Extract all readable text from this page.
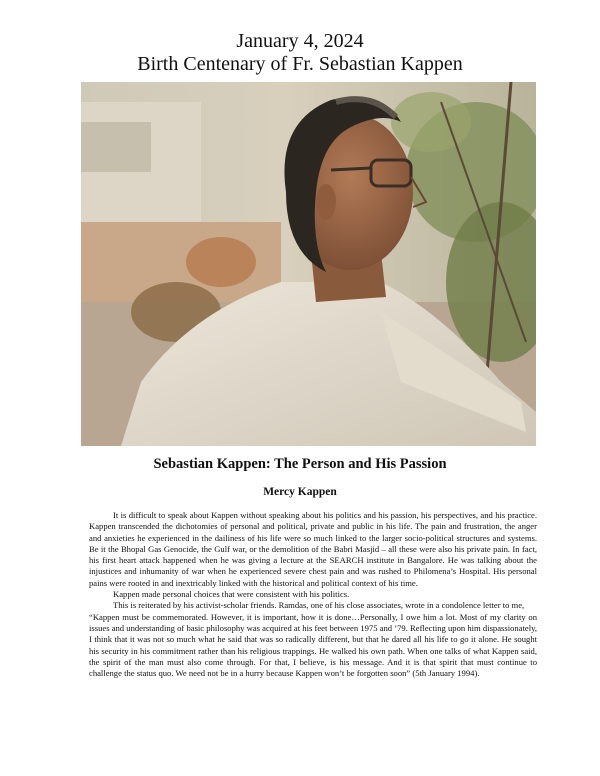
January 4, 2024
Birth Centenary of Fr. Sebastian Kappen
Sebastian Kappen: The Person and His Passion
Mercy Kappen

It is difficult to speak about Kappen without speaking about his politics and his passion, his perspectives, and his practice. Kappen transcended the dichotomies of personal and political, private and public in his life. The pain and frustration, the anger and anxieties he experienced in the dailiness of his life were so much linked to the larger socio-political structures and systems. Be it the Bhopal Gas Genocide, the Gulf war, or the demolition of the Babri Masjid – all these were also his private pain. In fact, his first heart attack happened when he was giving a lecture at the SEARCH institute in Bangalore. He was talking about the injustices and inhumanity of war when he experienced severe chest pain and was rushed to Philomena’s Hospital. His personal pains were rooted in and inextricably linked with the historical and political context of his time.

Kappen made personal choices that were consistent with his politics.

This is reiterated by his activist-scholar friends. Ramdas, one of his close associates, wrote in a condolence letter to me,

“Kappen must be commemorated. However, it is important, how it is done…Personally, I owe him a lot. Most of my clarity on issues and understanding of basic philosophy was acquired at his feet between 1975 and ’79. Reflecting upon him dispassionately, I think that it was not so much what he said that was so radically different, but that he dared all his life to go it alone. He sought his security in his commitment rather than his religious trappings. He walked his own path. When one talks of what Kappen said, the spirit of the man must also come through. For that, I believe, is his message. And it is that spirit that must continue to challenge the status quo. We need not be in a hurry because Kappen won’t be forgotten soon” (5th January 1994).
